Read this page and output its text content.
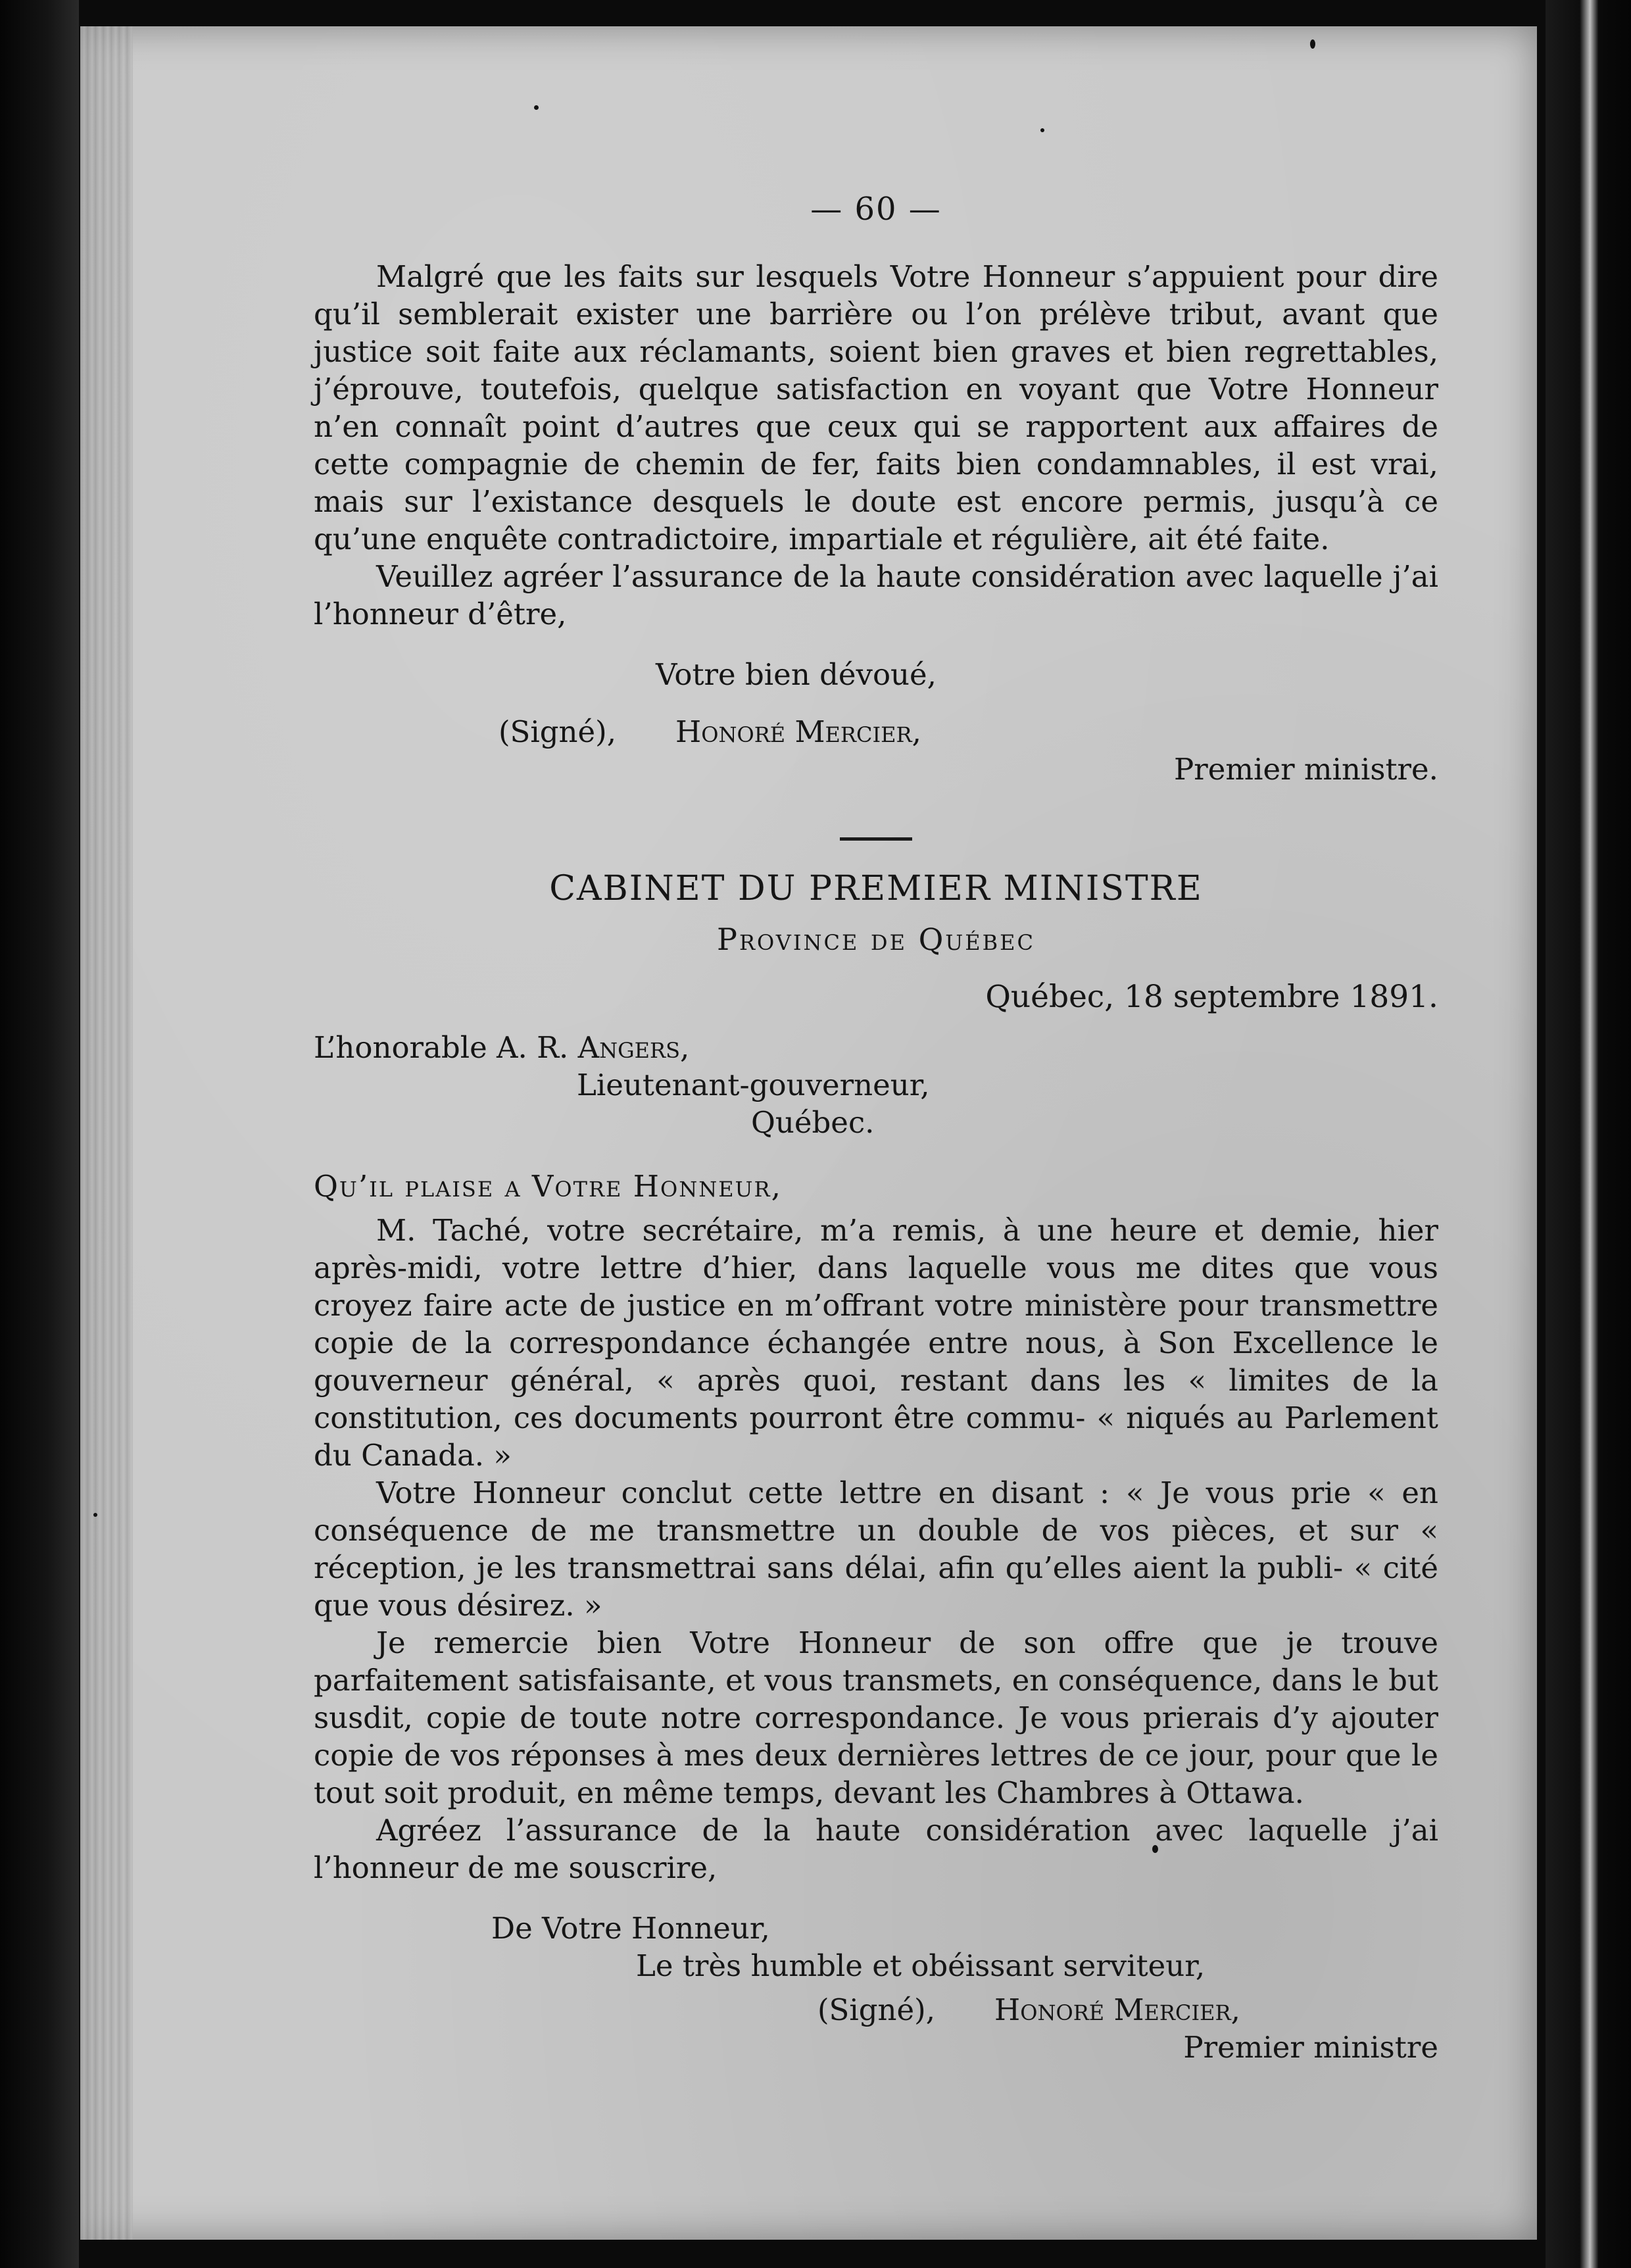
— 60 —

Malgré que les faits sur lesquels Votre Honneur s’appuient pour dire qu’il semblerait exister une barrière ou l’on prélève tribut, avant que justice soit faite aux réclamants, soient bien graves et bien regrettables, j’éprouve, toutefois, quelque satisfaction en voyant que Votre Honneur n’en connaît point d’autres que ceux qui se rapportent aux affaires de cette compagnie de chemin de fer, faits bien condamnables, il est vrai, mais sur l’existance desquels le doute est encore permis, jusqu’à ce qu’une enquête contradictoire, impartiale et régulière, ait été faite.

Veuillez agréer l’assurance de la haute considération avec laquelle j’ai l’honneur d’être,

Votre bien dévoué,

(Signé),	Honoré Mercier,

Premier ministre.

CABINET DU PREMIER MINISTRE

Province de Québec

Québec, 18 septembre 1891.

L’honorable A. R. Angers,

Lieutenant-gouverneur,

Québec.

Qu’il plaise a Votre Honneur,

M. Taché, votre secrétaire, m’a remis, à une heure et demie, hier après-midi, votre lettre d’hier, dans laquelle vous me dites que vous croyez faire acte de justice en m’offrant votre ministère pour transmettre copie de la correspondance échangée entre nous, à Son Excellence le gouverneur général, « après quoi, restant dans les « limites de la constitution, ces documents pourront être commu- « niqués au Parlement du Canada. »

Votre Honneur conclut cette lettre en disant : « Je vous prie « en conséquence de me transmettre un double de vos pièces, et sur « réception, je les transmettrai sans délai, afin qu’elles aient la publi- « cité que vous désirez. »

Je remercie bien Votre Honneur de son offre que je trouve parfaitement satisfaisante, et vous transmets, en conséquence, dans le but susdit, copie de toute notre correspondance. Je vous prierais d’y ajouter copie de vos réponses à mes deux dernières lettres de ce jour, pour que le tout soit produit, en même temps, devant les Chambres à Ottawa.

Agréez l’assurance de la haute considération avec laquelle j’ai l’honneur de me souscrire,

De Votre Honneur,

Le très humble et obéissant serviteur,

(Signé),	Honoré Mercier,

Premier ministre
